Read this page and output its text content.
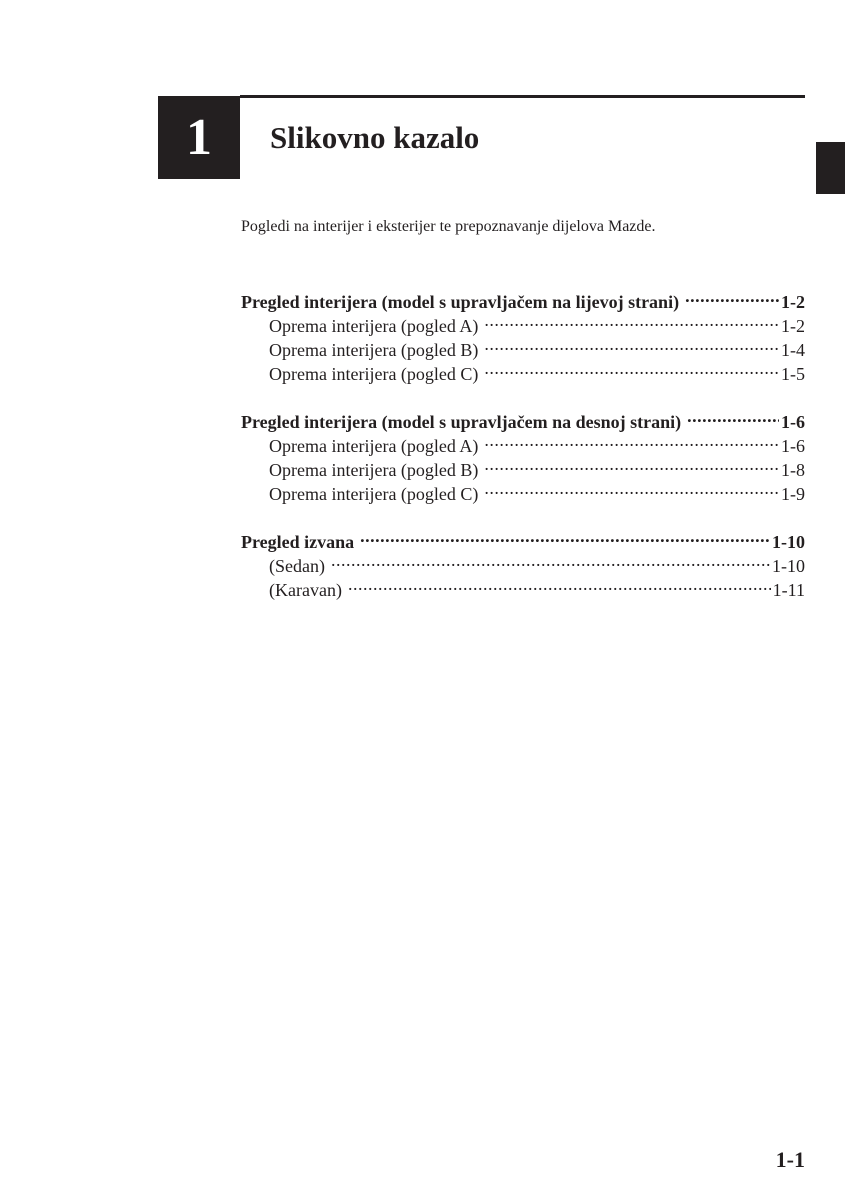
1	Slikovno kazalo

Pogledi na interijer i eksterijer te prepoznavanje dijelova Mazde.

Pregled interijera (model s upravljačem na lijevoj strani) .....	1-2
Oprema interijera (pogled A) .....	1-2
Oprema interijera (pogled B) .....	1-4
Oprema interijera (pogled C) .....	1-5
Pregled interijera (model s upravljačem na desnoj strani) .....	1-6
Oprema interijera (pogled A) .....	1-6
Oprema interijera (pogled B) .....	1-8
Oprema interijera (pogled C) .....	1-9
Pregled izvana .....	1-10
(Sedan) .....	1-10
(Karavan) .....	1-11

1-1
